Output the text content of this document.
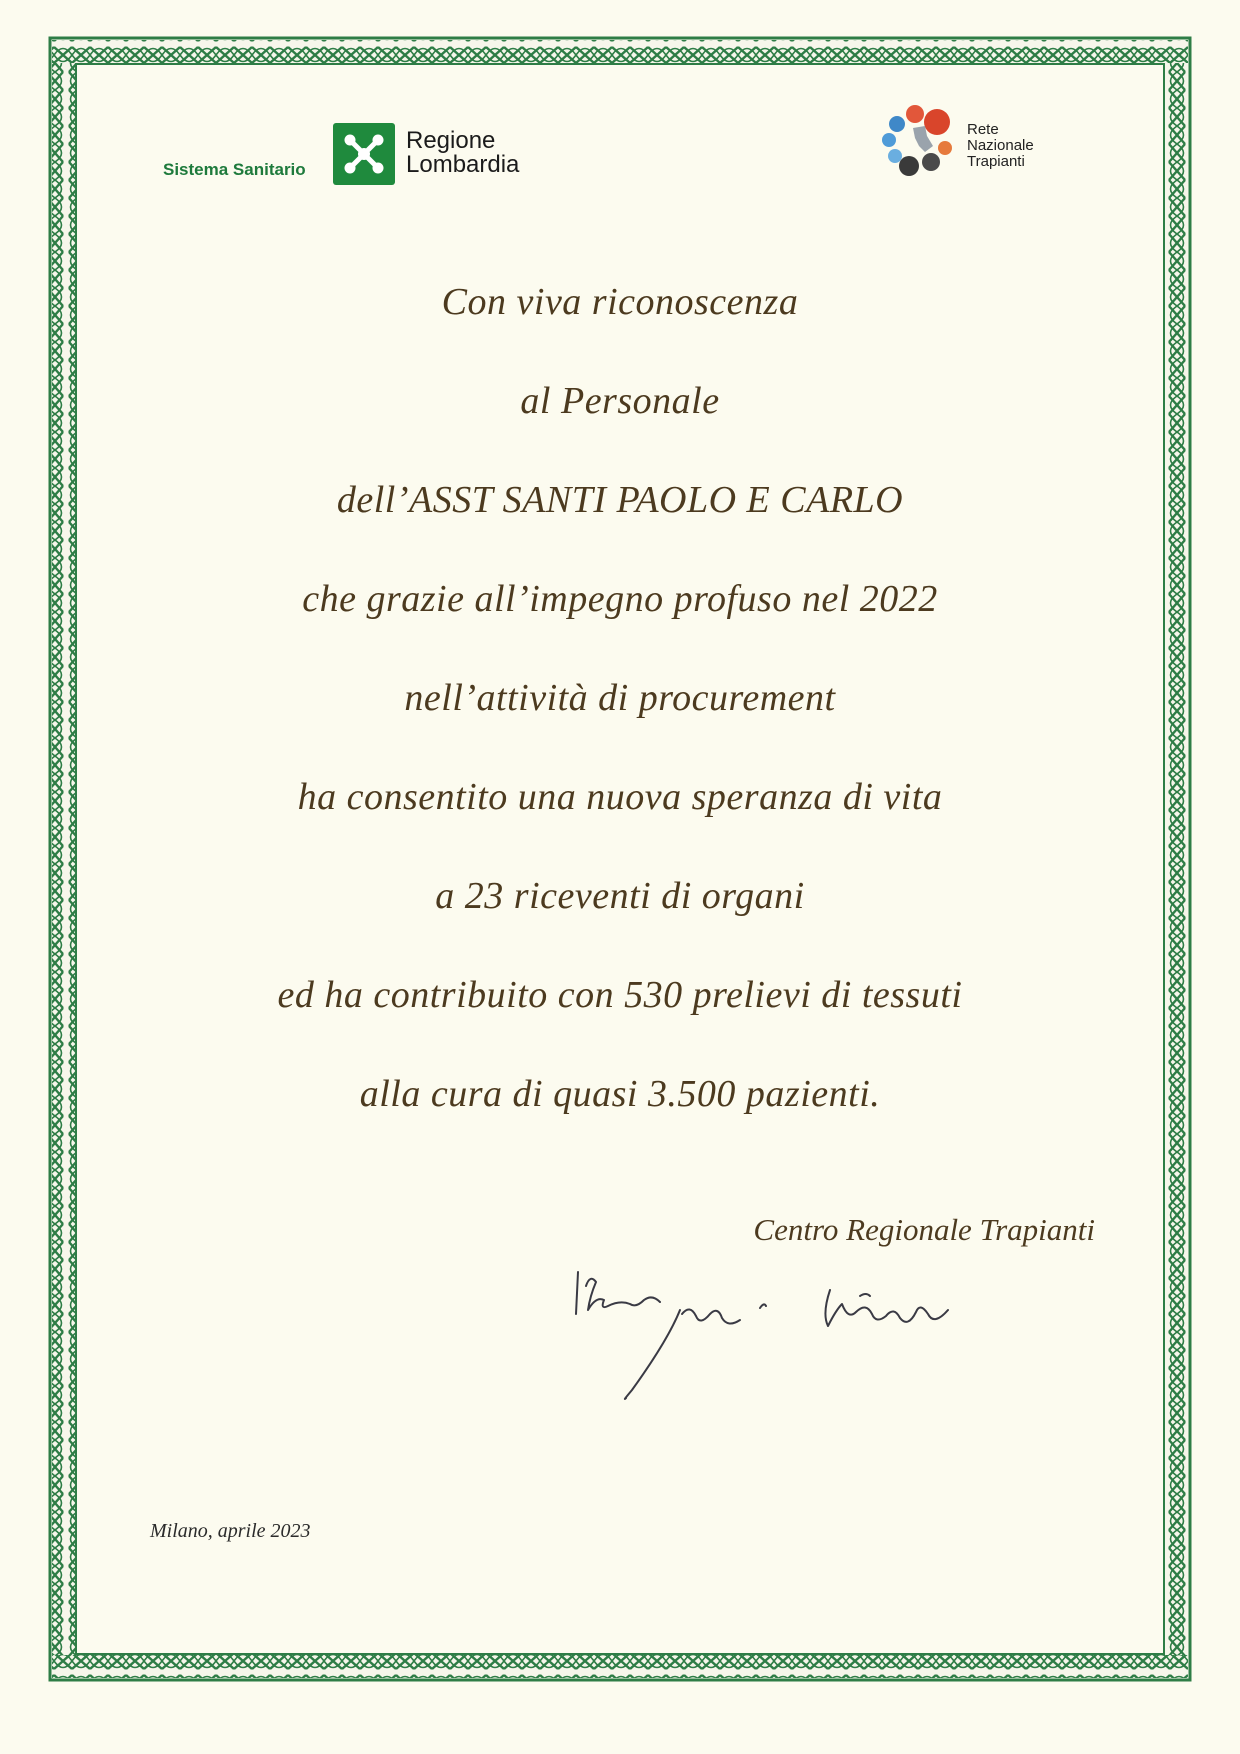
Sistema Sanitario
Regione
Lombardia
Rete
Nazionale
Trapianti
Con viva riconoscenza
al Personale
dell’ASST SANTI PAOLO E CARLO
che grazie all’impegno profuso nel 2022
nell’attività di procurement
ha consentito una nuova speranza di vita
a 23 riceventi di organi
ed ha contribuito con 530 prelievi di tessuti
alla cura di quasi 3.500 pazienti.
Centro Regionale Trapianti
Milano, aprile 2023
